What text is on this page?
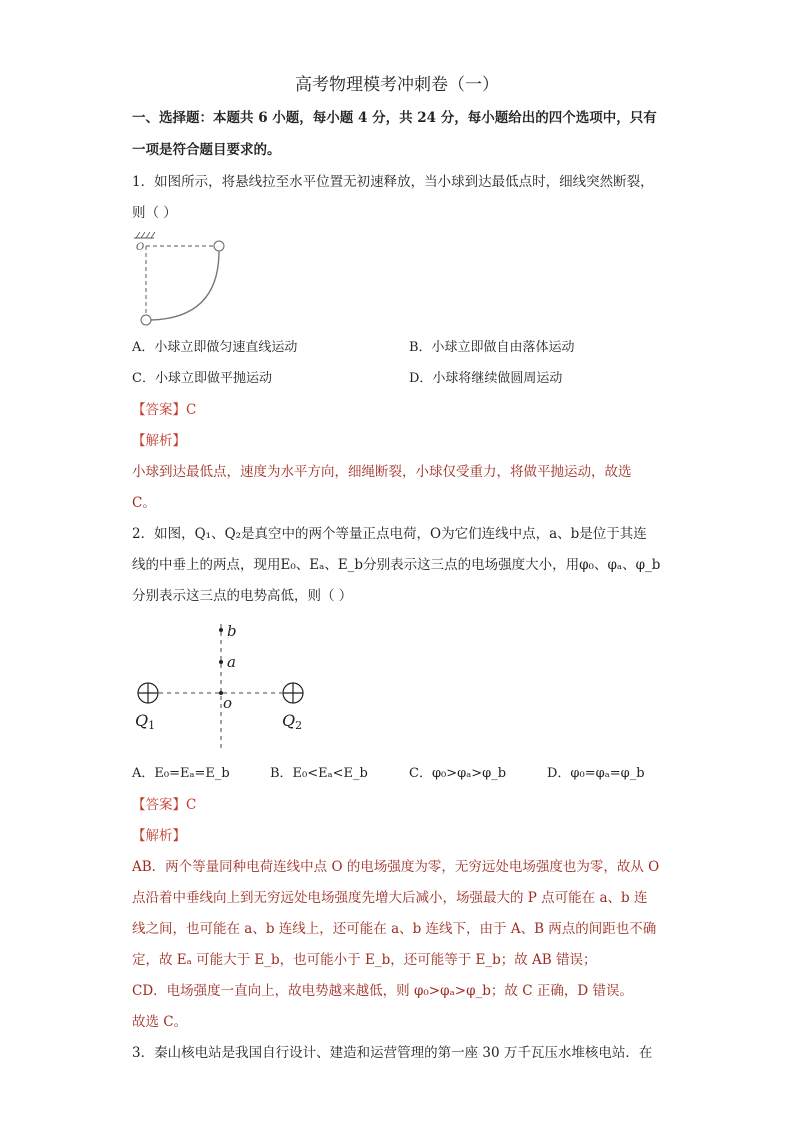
高考物理模考冲刺卷（一）
一、选择题：本题共 6 小题，每小题 4 分，共 24 分，每小题给出的四个选项中，只有
一项是符合题目要求的。
1．如图所示，将悬线拉至水平位置无初速释放，当小球到达最低点时，细线突然断裂，
则（ ）
O
A．小球立即做匀速直线运动	B．小球立即做自由落体运动
C．小球立即做平抛运动	D．小球将继续做圆周运动
【答案】C
【解析】
小球到达最低点，速度为水平方向，细绳断裂，小球仅受重力，将做平抛运动，故选
C。
2．如图，Q₁、Q₂是真空中的两个等量正点电荷，O为它们连线中点，a、b是位于其连
线的中垂上的两点，现用E₀、Eₐ、E_b分别表示这三点的电场强度大小，用φ₀、φₐ、φ_b
分别表示这三点的电势高低，则（ ）
b
a
o
Q1	Q2
A．E₀=Eₐ=E_b	B．E₀<Eₐ<E_b	C．φ₀>φₐ>φ_b	D．φ₀=φₐ=φ_b
【答案】C
【解析】
AB．两个等量同种电荷连线中点 O 的电场强度为零，无穷远处电场强度也为零，故从 O
点沿着中垂线向上到无穷远处电场强度先增大后减小，场强最大的 P 点可能在 a、b 连
线之间，也可能在 a、b 连线上，还可能在 a、b 连线下，由于 A、B 两点的间距也不确
定，故 Eₐ 可能大于 E_b，也可能小于 E_b，还可能等于 E_b；故 AB 错误；
CD．电场强度一直向上，故电势越来越低，则 φ₀>φₐ>φ_b；故 C 正确，D 错误。
故选 C。
3．秦山核电站是我国自行设计、建造和运营管理的第一座 30 万千瓦压水堆核电站．在
